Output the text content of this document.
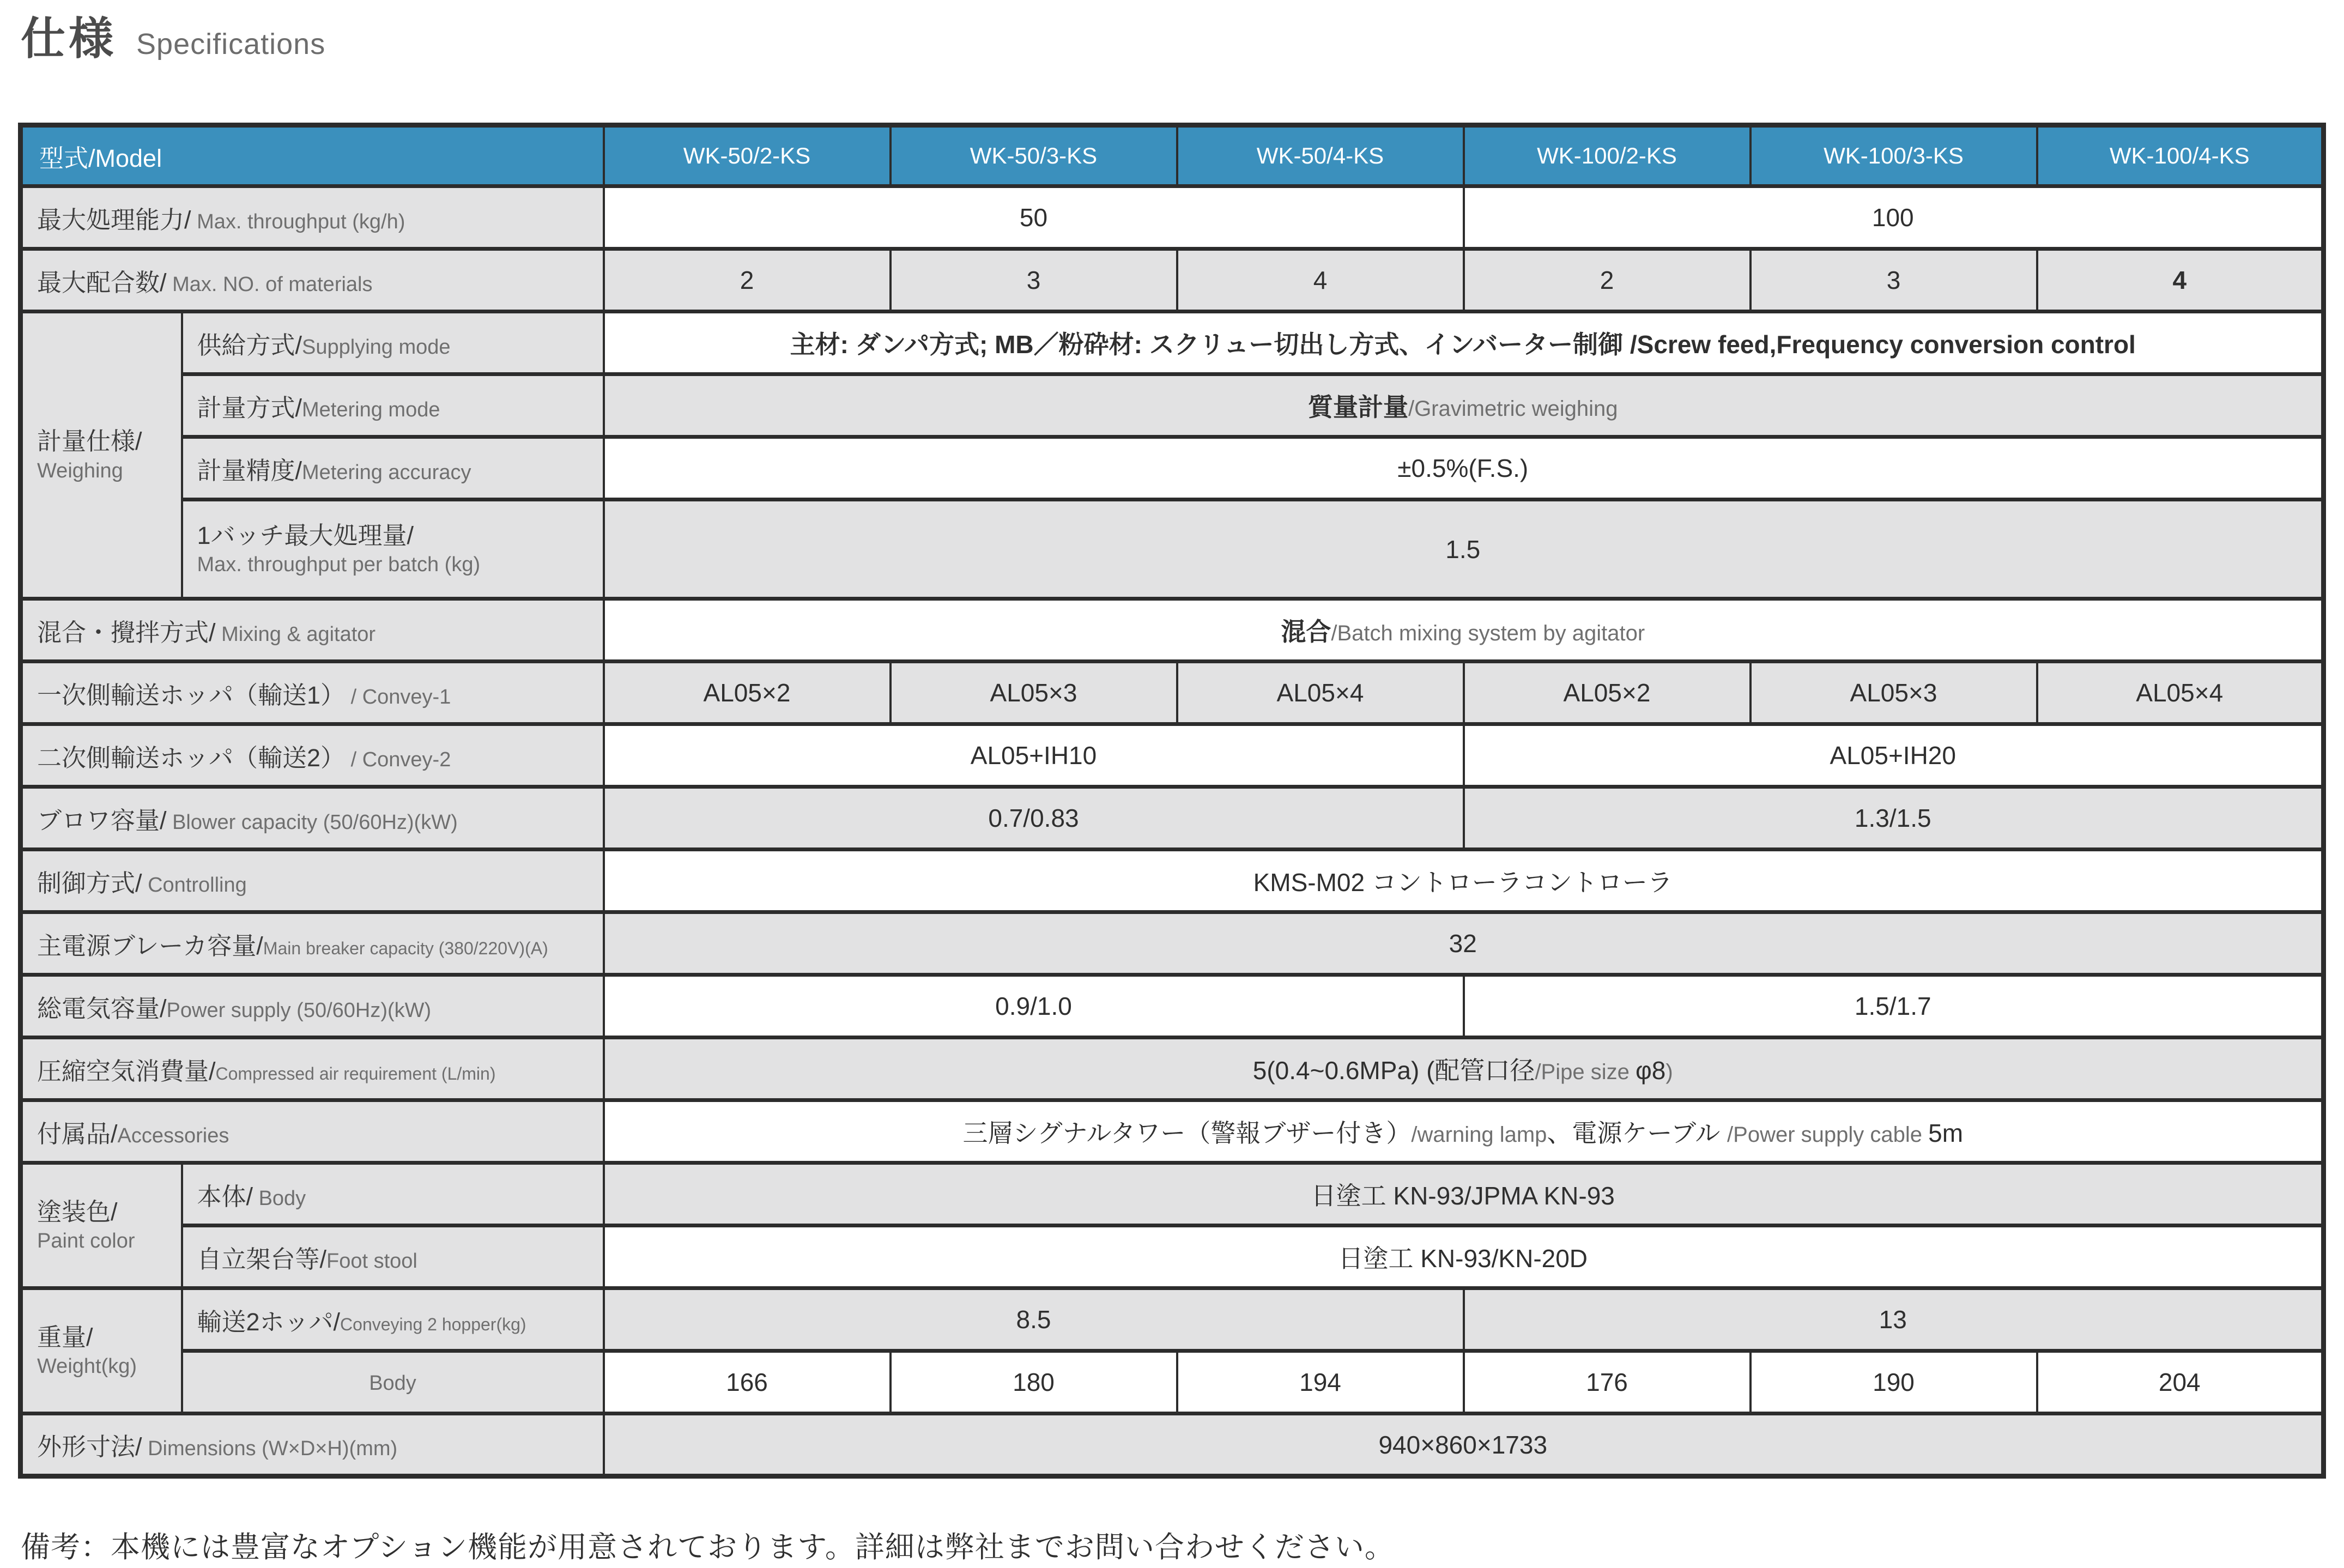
仕様 Specifications
型式/Model		WK-50/2-KS	WK-50/3-KS	WK-50/4-KS	WK-100/2-KS	WK-100/3-KS	WK-100/4-KS
最大処理能力/ Max. throughput (kg/h)		50			100		
最大配合数/ Max. NO. of materials		2	3	4	2	3	4

計量仕様/
Weighing	供給方式/Supplying mode	主材: ダンパ方式; MB／粉砕材: スクリュー切出し方式、インバーター制御 /Screw feed,Frequency conversion control					
	計量方式/Metering mode	質量計量/Gravimetric weighing					
	計量精度/Metering accuracy	±0.5%(F.S.)					

	1バッチ最大処理量/
Max. throughput per batch (kg)	1.5					
混合・攪拌方式/ Mixing & agitator		混合/Batch mixing system by agitator					
一次側輸送ホッパ（輸送1） / Convey-1		AL05×2	AL05×3	AL05×4	AL05×2	AL05×3	AL05×4
二次側輸送ホッパ（輸送2） / Convey-2		AL05+IH10			AL05+IH20		
ブロワ容量/ Blower capacity (50/60Hz)(kW)		0.7/0.83			1.3/1.5		
制御方式/ Controlling		KMS-M02 コントローラコントローラ					
主電源ブレーカ容量/Main breaker capacity (380/220V)(A)		32					
総電気容量/Power supply (50/60Hz)(kW)		0.9/1.0			1.5/1.7		
圧縮空気消費量/Compressed air requirement (L/min)		5(0.4~0.6MPa) (配管口径/Pipe size φ8)					
付属品/Accessories		三層シグナルタワー（警報ブザー付き）/warning lamp、電源ケーブル /Power supply cable 5m					

塗装色/
Paint color	本体/ Body	日塗工 KN-93/JPMA KN-93					
	自立架台等/Foot stool	日塗工 KN-93/KN-20D					

重量/
Weight(kg)	輸送2ホッパ/Conveying 2 hopper(kg)	8.5			13		
	Body	166	180	194	176	190	204
外形寸法/ Dimensions (W×D×H)(mm)		940×860×1733					
備考：本機には豊富なオプション機能が用意されております。詳細は弊社までお問い合わせください。
